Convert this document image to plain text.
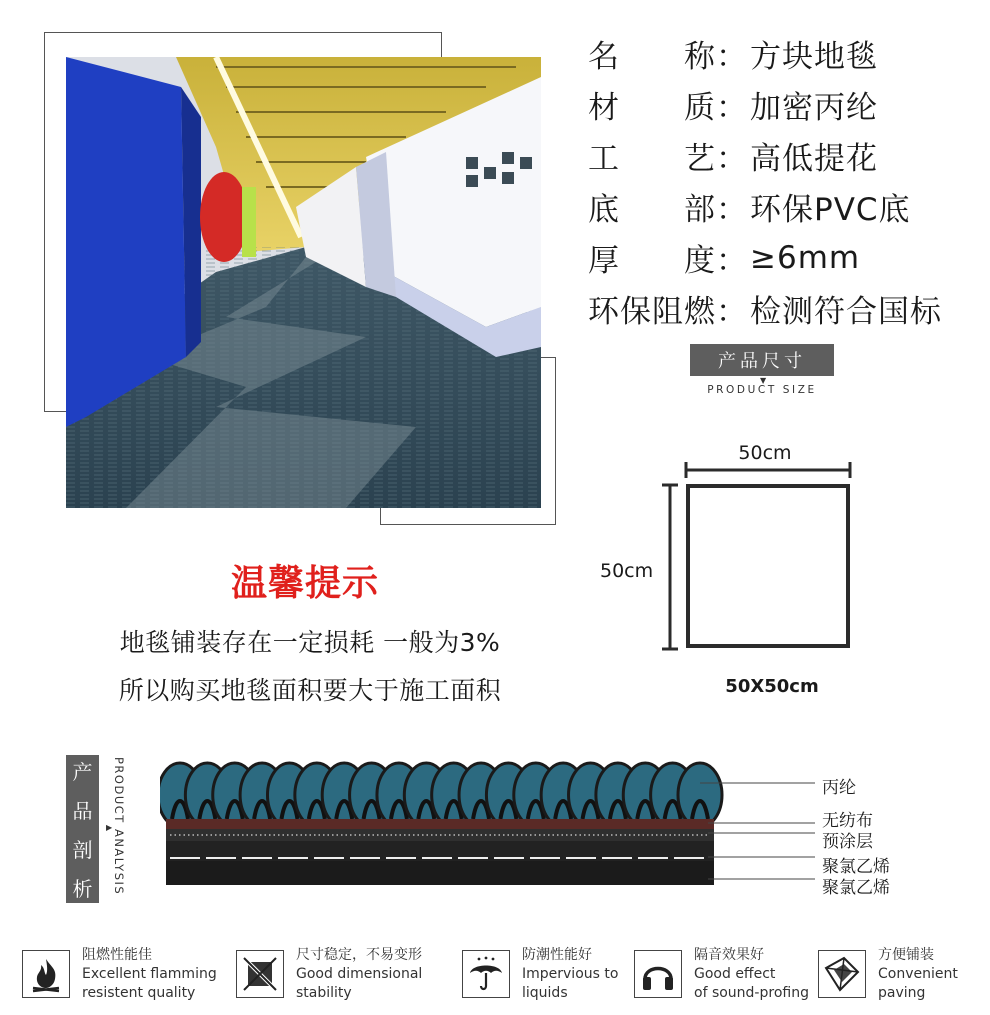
名 称 ： 方块地毯
材 质 ： 加密丙纶
工 艺 ： 高低提花
底 部 ： 环保PVC底
厚 度 ： ≥6mm
环保阻燃 ： 检测符合国标
产品尺寸
▼
PRODUCT SIZE
50cm
50cm
50X50cm
温馨提示
地毯铺装存在一定损耗 一般为3%
所以购买地毯面积要大于施工面积
产
品
剖
析 PRODUCT ANALYSIS
▶
丙纶
无纺布
预涂层
聚氯乙烯
聚氯乙烯
阻燃性能佳
Excellent flamming
resistent quality
尺寸稳定，不易变形
Good dimensional
stability
防潮性能好
Impervious to
liquids
隔音效果好
Good effect
of sound-profing
方便铺装
Convenient
paving
